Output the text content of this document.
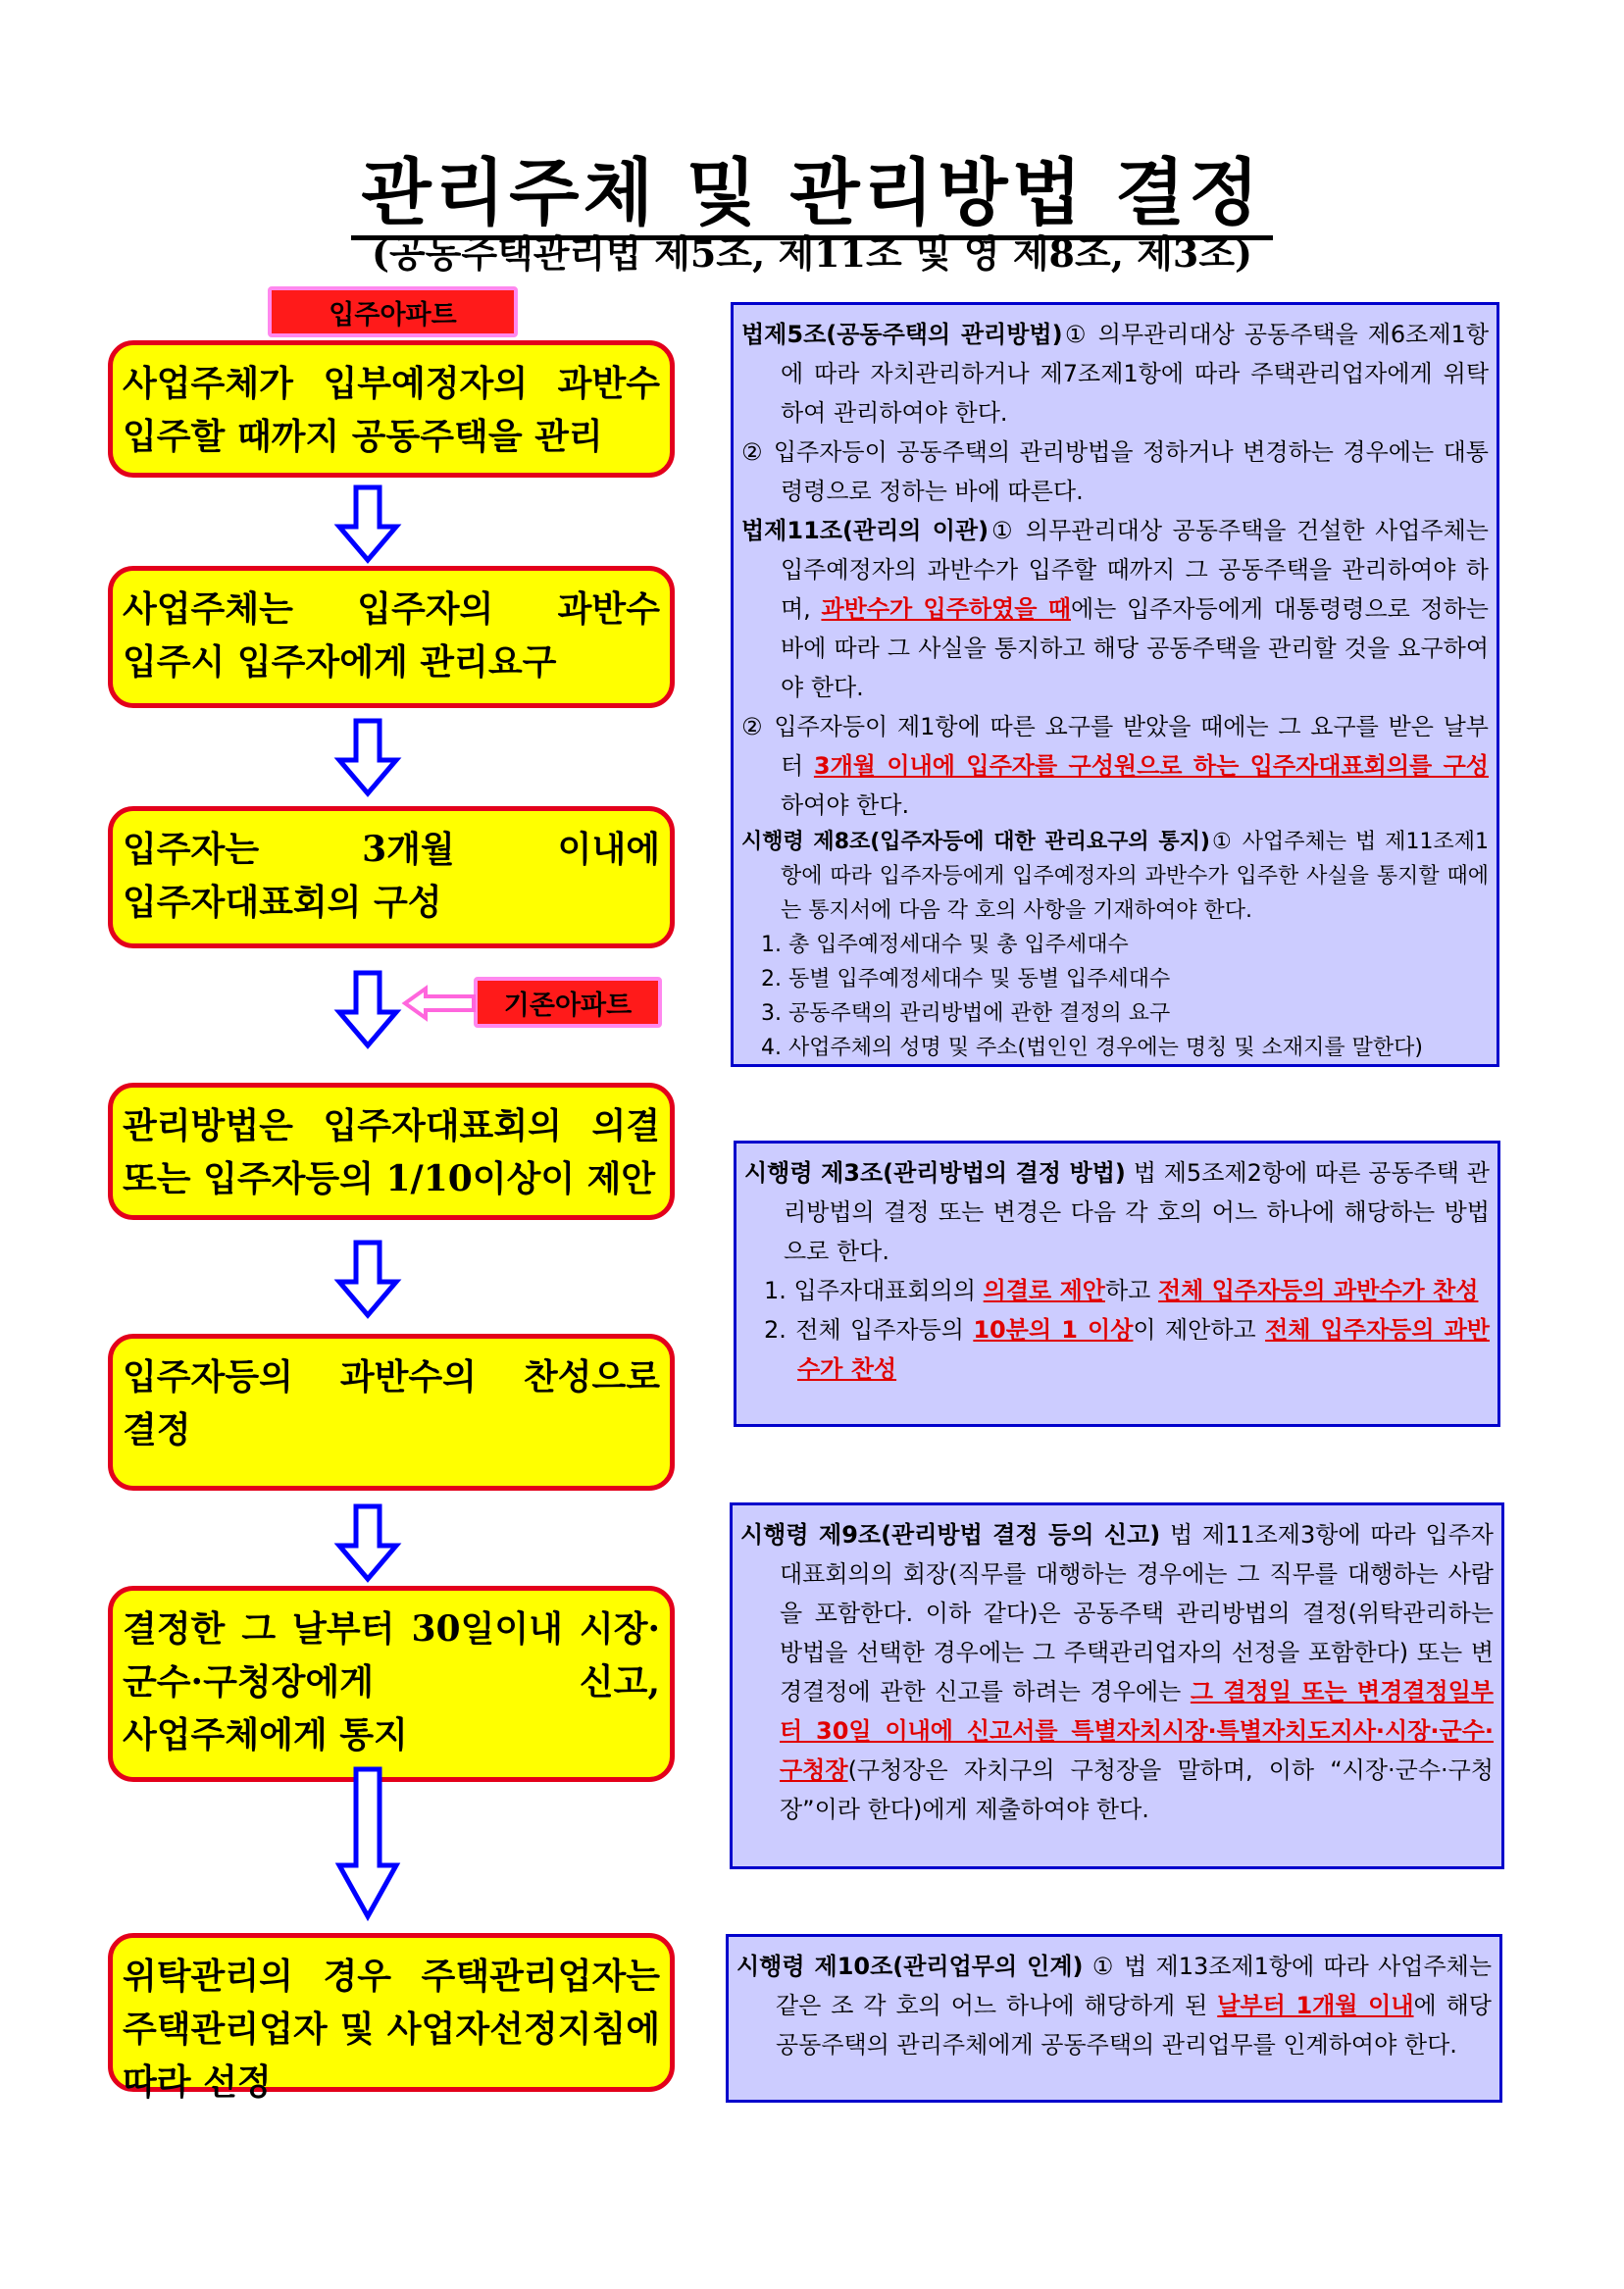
관리주체 및 관리방법 결정
(공동주택관리법 제5조, 제11조 및 영 제8조, 제3조)
입주아파트
기존아파트
사업주체가 입부예정자의 과반수 입주할 때까지 공동주택을 관리
사업주체는 입주자의 과반수 입주시 입주자에게 관리요구
입주자는 3개월 이내에 입주자대표회의 구성
관리방법은 입주자대표회의 의결 또는 입주자등의 1/10이상이 제안
입주자등의 과반수의 찬성으로 결정
결정한 그 날부터 30일이내 시장·군수·구청장에게 신고, 사업주체에게 통지
위탁관리의 경우 주택관리업자는 주택관리업자 및 사업자선정지침에 따라 선정

법제5조(공동주택의 관리방법)① 의무관리대상 공동주택을 제6조제1항에 따라 자치관리하거나 제7조제1항에 따라 주택관리업자에게 위탁하여 관리하여야 한다.

② 입주자등이 공동주택의 관리방법을 정하거나 변경하는 경우에는 대통령령으로 정하는 바에 따른다.

법제11조(관리의 이관)① 의무관리대상 공동주택을 건설한 사업주체는 입주예정자의 과반수가 입주할 때까지 그 공동주택을 관리하여야 하며, 과반수가 입주하였을 때에는 입주자등에게 대통령령으로 정하는 바에 따라 그 사실을 통지하고 해당 공동주택을 관리할 것을 요구하여야 한다.

② 입주자등이 제1항에 따른 요구를 받았을 때에는 그 요구를 받은 날부터 3개월 이내에 입주자를 구성원으로 하는 입주자대표회의를 구성하여야 한다.

시행령 제8조(입주자등에 대한 관리요구의 통지)① 사업주체는 법 제11조제1항에 따라 입주자등에게 입주예정자의 과반수가 입주한 사실을 통지할 때에는 통지서에 다음 각 호의 사항을 기재하여야 한다.

1. 총 입주예정세대수 및 총 입주세대수

2. 동별 입주예정세대수 및 동별 입주세대수

3. 공동주택의 관리방법에 관한 결정의 요구

4. 사업주체의 성명 및 주소(법인인 경우에는 명칭 및 소재지를 말한다)

시행령 제3조(관리방법의 결정 방법) 법 제5조제2항에 따른 공동주택 관리방법의 결정 또는 변경은 다음 각 호의 어느 하나에 해당하는 방법으로 한다.

1. 입주자대표회의의 의결로 제안하고 전체 입주자등의 과반수가 찬성

2. 전체 입주자등의 10분의 1 이상이 제안하고 전체 입주자등의 과반수가 찬성

시행령 제9조(관리방법 결정 등의 신고) 법 제11조제3항에 따라 입주자대표회의의 회장(직무를 대행하는 경우에는 그 직무를 대행하는 사람을 포함한다. 이하 같다)은 공동주택 관리방법의 결정(위탁관리하는 방법을 선택한 경우에는 그 주택관리업자의 선정을 포함한다) 또는 변경결정에 관한 신고를 하려는 경우에는 그 결정일 또는 변경결정일부터 30일 이내에 신고서를 특별자치시장·특별자치도지사·시장·군수·구청장(구청장은 자치구의 구청장을 말하며, 이하 “시장·군수·구청장”이라 한다)에게 제출하여야 한다.

시행령 제10조(관리업무의 인계) ① 법 제13조제1항에 따라 사업주체는 같은 조 각 호의 어느 하나에 해당하게 된 날부터 1개월 이내에 해당 공동주택의 관리주체에게 공동주택의 관리업무를 인계하여야 한다.
